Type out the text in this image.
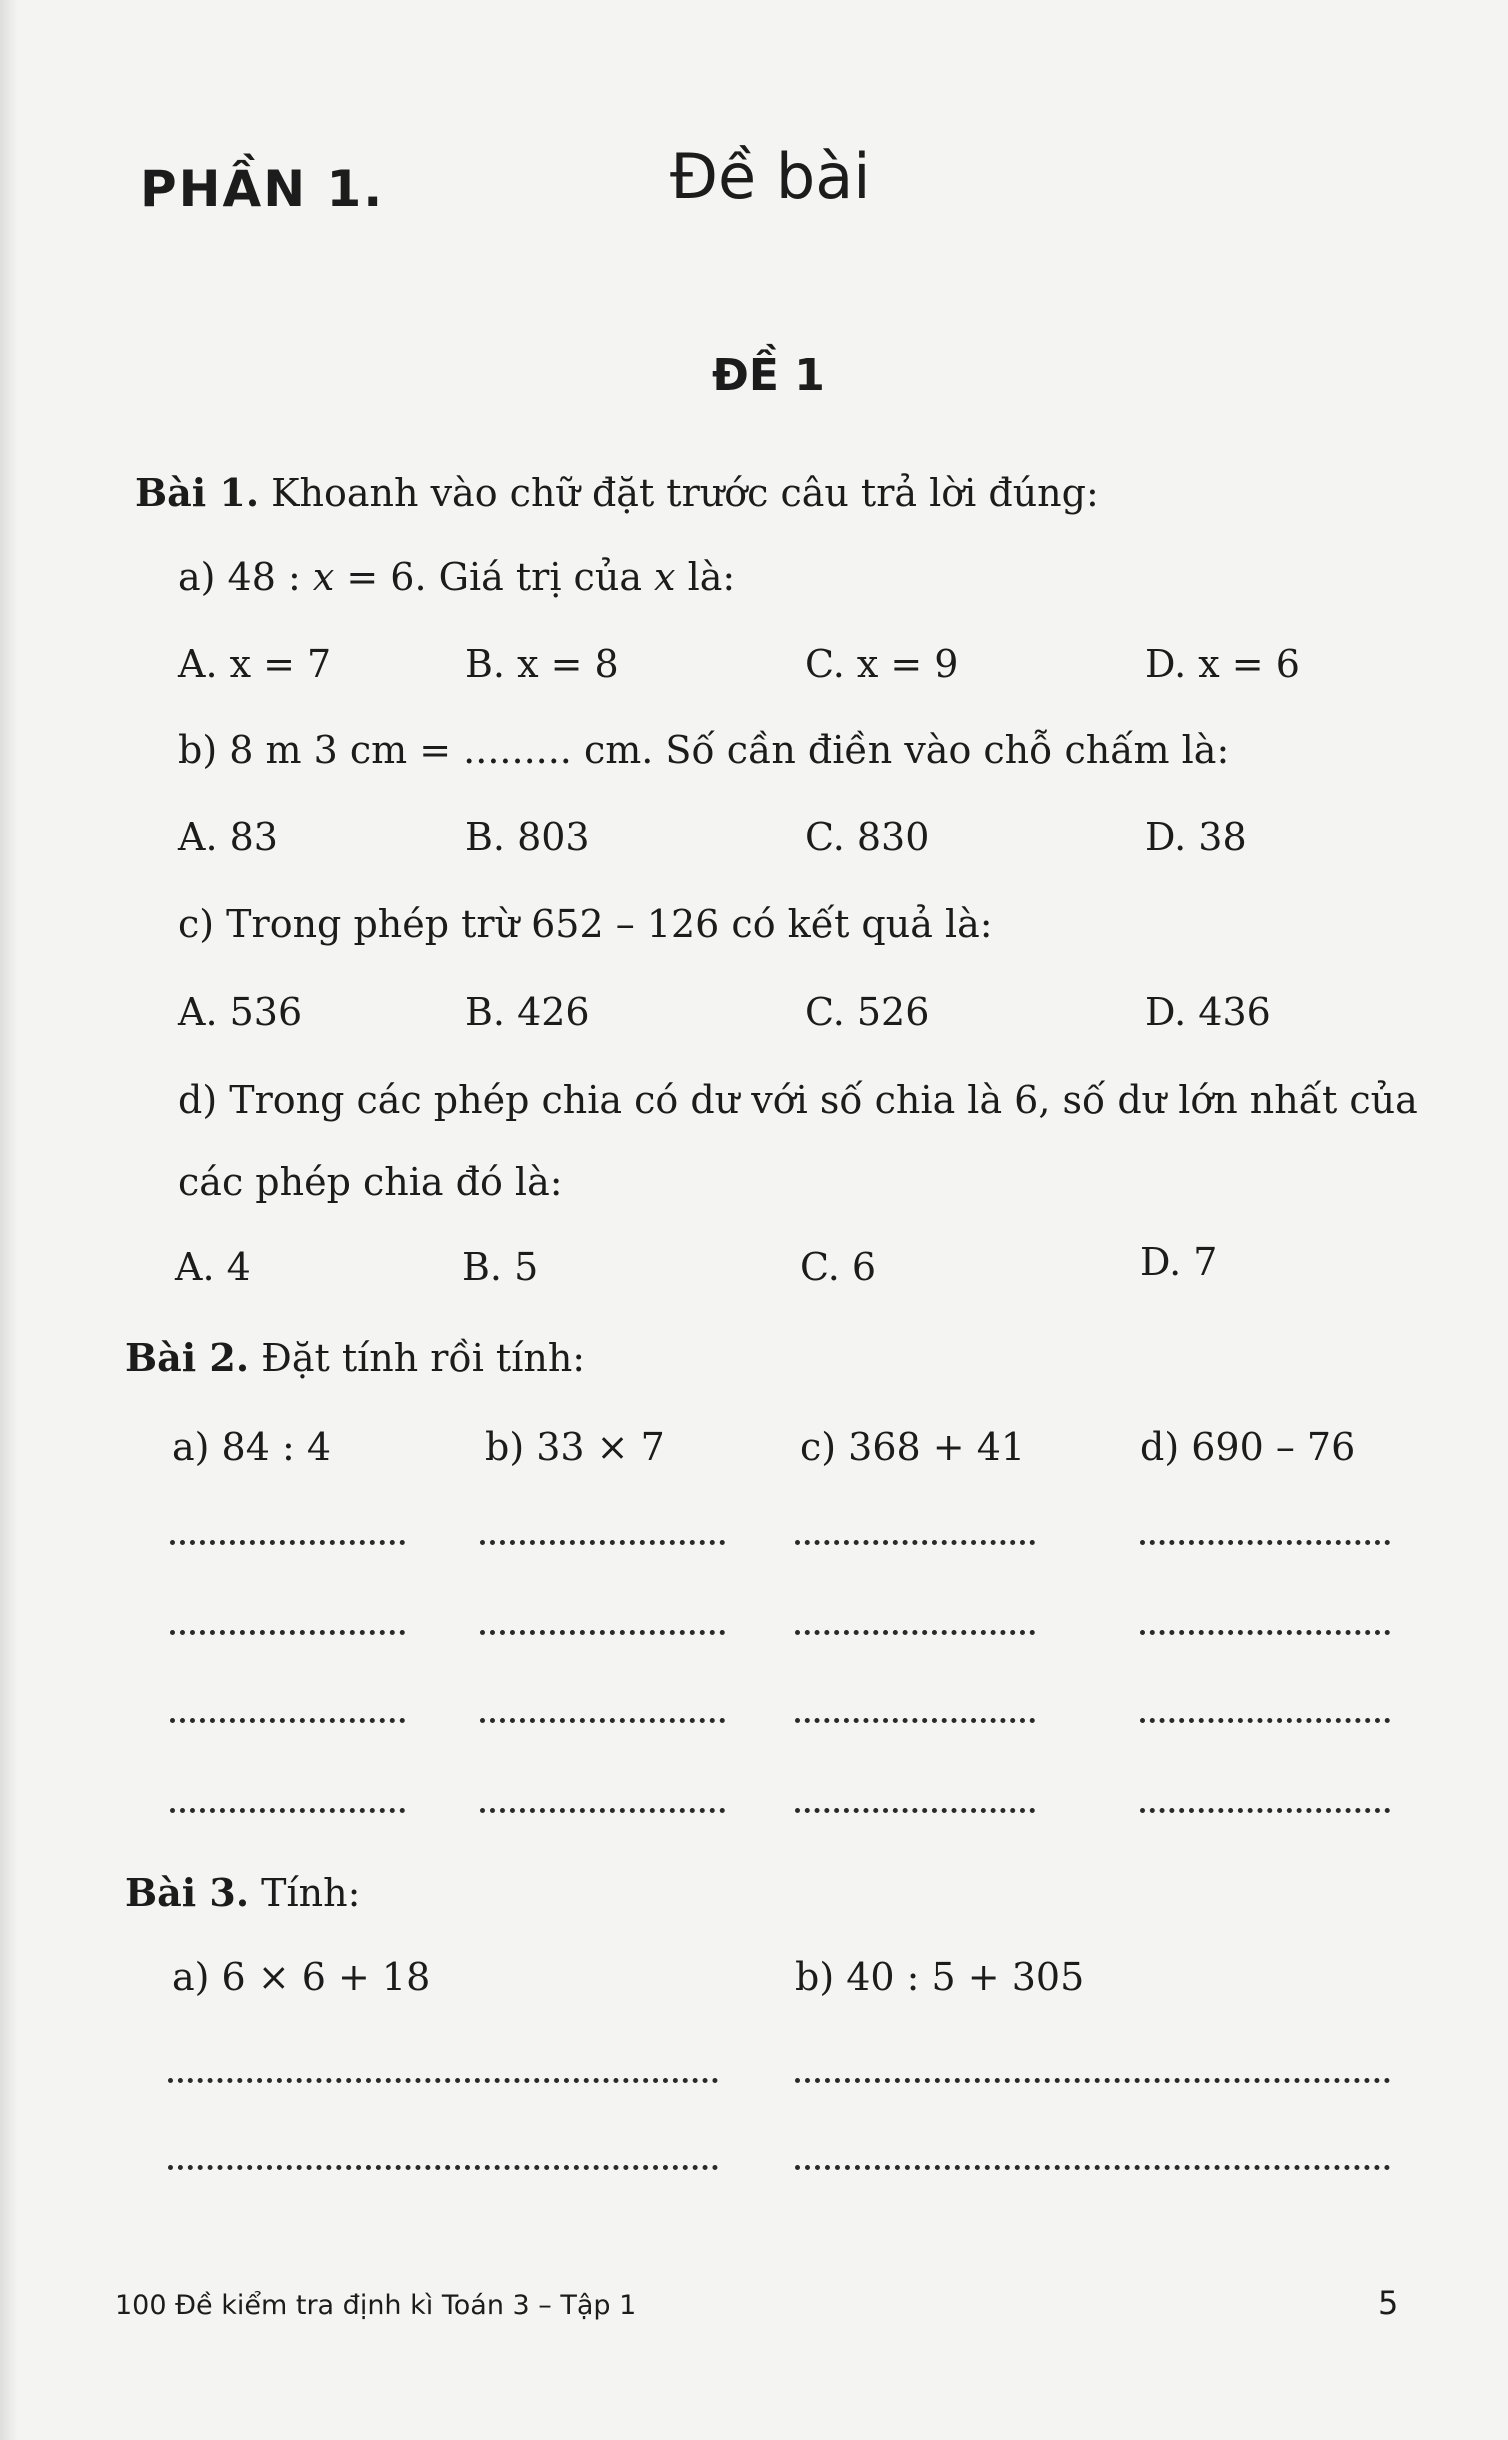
PHẦN 1.	Đề bài
ĐỀ 1
Bài 1. Khoanh vào chữ đặt trước câu trả lời đúng:
a) 48 : x = 6. Giá trị của x là:
A. x = 7	B. x = 8	C. x = 9	D. x = 6
b) 8 m 3 cm = ......... cm. Số cần điền vào chỗ chấm là:
A. 83	B. 803	C. 830	D. 38
c) Trong phép trừ 652 – 126 có kết quả là:
A. 536	B. 426	C. 526	D. 436
d) Trong các phép chia có dư với số chia là 6, số dư lớn nhất của
các phép chia đó là:
A. 4	B. 5	C. 6	D. 7
Bài 2. Đặt tính rồi tính:
a) 84 : 4	b) 33 × 7	c) 368 + 41	d) 690 – 76
Bài 3. Tính:
a) 6 × 6 + 18	b) 40 : 5 + 305
100 Đề kiểm tra định kì Toán 3 – Tập 1	5
